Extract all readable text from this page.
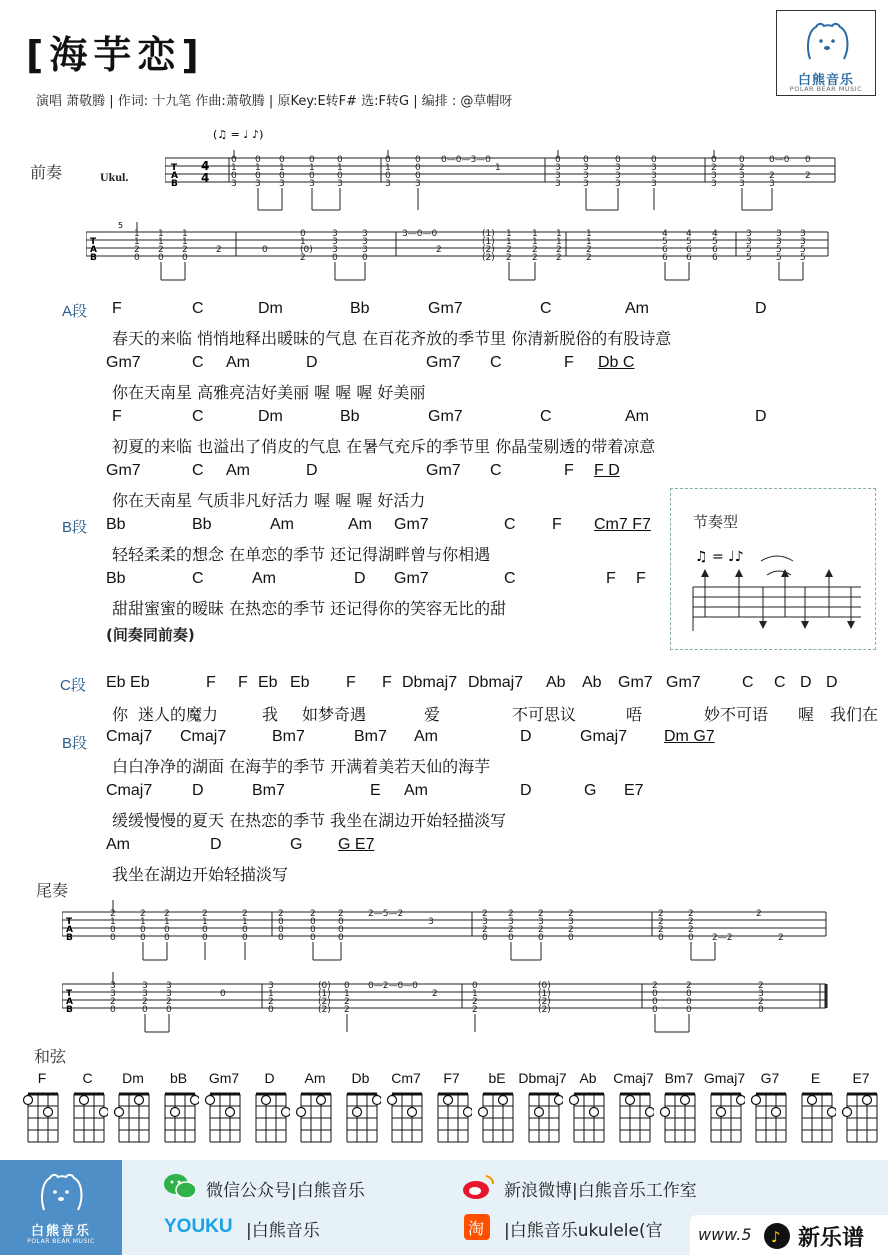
[海芋恋]
演唱 萧敬腾 | 作词: 十九笔 作曲:萧敬腾 | 原Key:E转F# 选:F转G | 编排 : @草帽呀
白熊音乐
POLAR BEAR MUSIC
前奏	Ukul.
(♫ = ♩ ♪)
T
A
B
4
4
0
1
0
3
0
1
0
3
0
1
0
3
0
1
0
3
0
1
0
3
0
1
0
3
0
0
0
3
0—0—3—0
1
0
3
3
3
0
3
3
3
0
3
3
3
0
3
3
3
0
2
3
3
0
2
3
3
0—0
2
3
0
2
T
A
B
5
1
1
2
0
1
1
2
0
1
1
2
0
2	0
0
1
(0)
2
3
3
3
0
3
3
3
0
3—0—0
2
(1)
(1)
(2)
(2)
1
1
2
2
1
1
2
2
1
1
2
2
1
1
2
2
4
5
6
6
4
5
6
6
4
5
6
6
3
3
5
5
3
3
5
5
3
3
5
5
A段
B段
F	C	Dm	Bb	Gm7	C	Am	D
春天的来临 悄悄地释出暖昧的气息 在百花齐放的季节里 你清新脱俗的有股诗意
Gm7	C Am	D	Gm7 C	F Db C
你在天南星 高雅亮洁好美丽 喔 喔 喔 好美丽
F	C	Dm	Bb	Gm7	C	Am	D
初夏的来临 也溢出了俏皮的气息 在暑气充斥的季节里 你晶莹剔透的带着凉意
Gm7	C Am	D	Gm7 C	F F D
你在天南星 气质非凡好活力 喔 喔 喔 好活力
Bb	Bb	Am	Am Gm7	C F Cm7 F7
轻轻柔柔的想念 在单恋的季节 还记得湖畔曾与你相遇
Bb	C	Am	D Gm7	C	F F
甜甜蜜蜜的暧昧 在热恋的季节 还记得你的笑容无比的甜
(间奏同前奏)
节奏型
♫ = ♩♪
C段 Eb Eb	F F Eb Eb F F Dbmaj7 Dbmaj7 Ab Ab Gm7 Gm7	C C D D
你 迷人的魔力	我 如梦奇遇	爱	不可思议	唔	妙不可语 喔 我们在
B段 Cmaj7 Cmaj7	Bm7	Bm7 Am	D	Gmaj7 Dm G7
白白净净的湖面 在海芋的季节 开满着美若天仙的海芋
Cmaj7 D	Bm7	E Am	D	G E7
缓缓慢慢的夏天 在热恋的季节 我坐在湖边开始轻描淡写
Am	D	G G E7
我坐在湖边开始轻描淡写
尾奏
T
A
B
2
1
0
0
2
1
0
0
2
1
0
0
2
1
0
0
2
1
0
0
2
0
0
0
2
0
0
0
2
0
0
0
2—5—2
3
2
3
2
0
2
3
2
0
2
3
2
0
2
3
2
0
2
2
2
0
2
2
2
0 2—2
2
2
T
A
B
3
3
2
0
3
3
2
0
3
3
2
0
0
3
1
2
0
(0)
(1)
(2)
(2)
0
1
2
2
0—2—0—0
2
0
1
2
2
(0)
(1)
(2)
(2)
2
0
0
0
2
0
0
0
2
3
2
0
和弦
F	C	Dm	bB	Gm7	D	Am	Db	Cm7	F7	bE Dbmaj7 Ab	Cmaj7 Bm7 Gmaj7	G7	E	E7
白熊音乐
POLAR BEAR MUSIC
微信公众号|白熊音乐	新浪微博|白熊音乐工作室
YOUKU |白熊音乐	淘 |白熊音乐ukulele(官 www.5 ♪ 新乐谱
